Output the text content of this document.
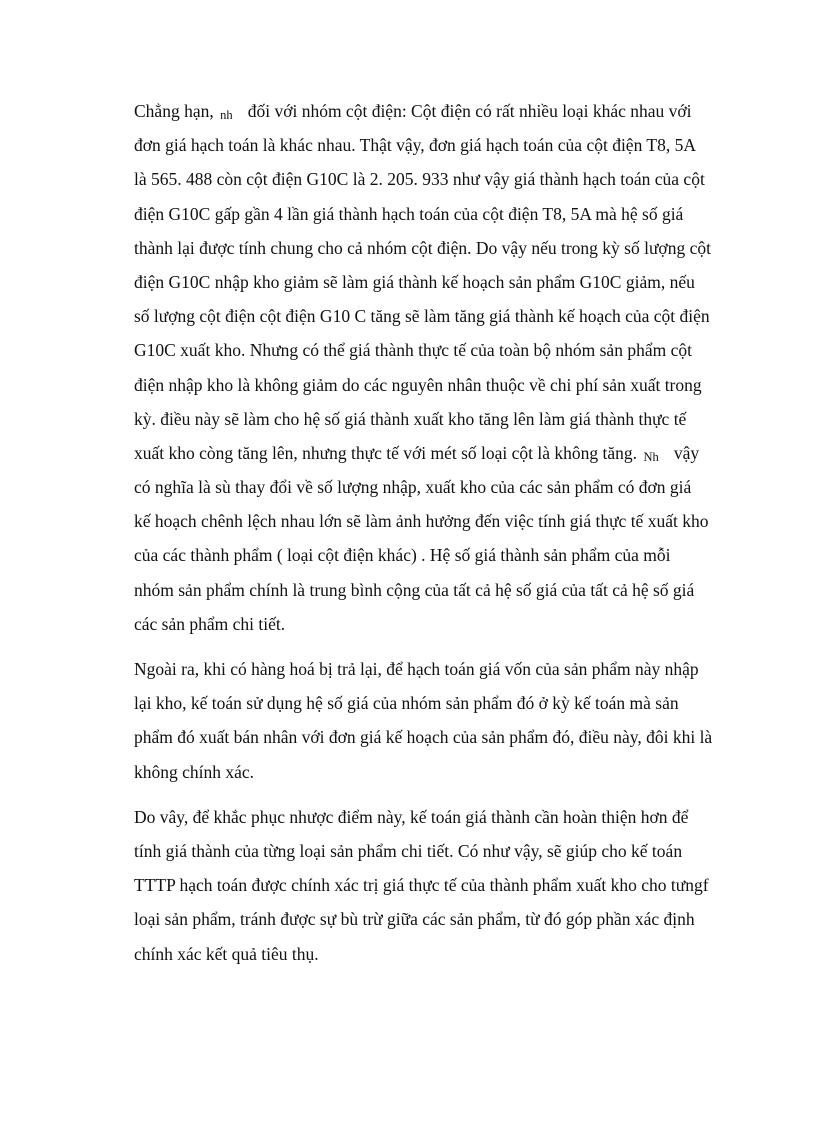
Chẳng hạn, nh   đối với nhóm cột điện: Cột điện có rất nhiều loại khác nhau với
đơn giá hạch toán là khác nhau. Thật vậy, đơn giá hạch toán của cột điện T8, 5A
là 565. 488 còn cột điện G10C là 2. 205. 933 như vậy giá thành hạch toán của cột
điện G10C gấp gần 4 lần giá thành hạch toán của cột điện T8, 5A mà hệ số giá
thành lại được tính chung cho cả nhóm cột điện. Do vậy nếu trong kỳ số lượng cột
điện G10C nhập kho giảm sẽ làm giá thành kế hoạch sản phẩm G10C giảm, nếu
số lượng cột điện cột điện G10 C tăng sẽ làm tăng giá thành kế hoạch của cột điện
G10C xuất kho. Nhưng có thể giá thành thực tế của toàn bộ nhóm sản phẩm cột
điện nhập kho là không giảm do các nguyên nhân thuộc về chi phí sản xuất trong
kỳ. điều này sẽ làm cho hệ số giá thành xuất kho tăng lên làm giá thành thực tế
xuất kho còng tăng lên, nhưng thực tế với mét số loại cột là không tăng. Nh   vậy
có nghĩa là sù thay đổi về số lượng nhập, xuất kho của các sản phẩm có đơn giá
kế hoạch chênh lệch nhau lớn sẽ làm ảnh hưởng đến việc tính giá thực tế xuất kho
của các thành phẩm ( loại cột điện khác) . Hệ số giá thành sản phẩm của mỗi
nhóm sản phẩm chính là trung bình cộng của tất cả hệ số giá của tất cả hệ số giá
các sản phẩm chi tiết.
Ngoài ra, khi có hàng hoá bị trả lại, để hạch toán giá vốn của sản phẩm này nhập
lại kho, kế toán sử dụng hệ số giá của nhóm sản phẩm đó ở kỳ kế toán mà sản
phẩm đó xuất bán nhân với đơn giá kế hoạch của sản phẩm đó, điều này, đôi khi là
không chính xác.
Do vây, để khắc phục nhược điểm này, kế toán giá thành cần hoàn thiện hơn để
tính giá thành của từng loại sản phẩm chi tiết. Có như vậy, sẽ giúp cho kế toán
TTTP hạch toán được chính xác trị giá thực tế của thành phẩm xuất kho cho tưngf
loại sản phẩm, tránh được sự bù trừ giữa các sản phẩm, từ đó góp phần xác định
chính xác kết quả tiêu thụ.
